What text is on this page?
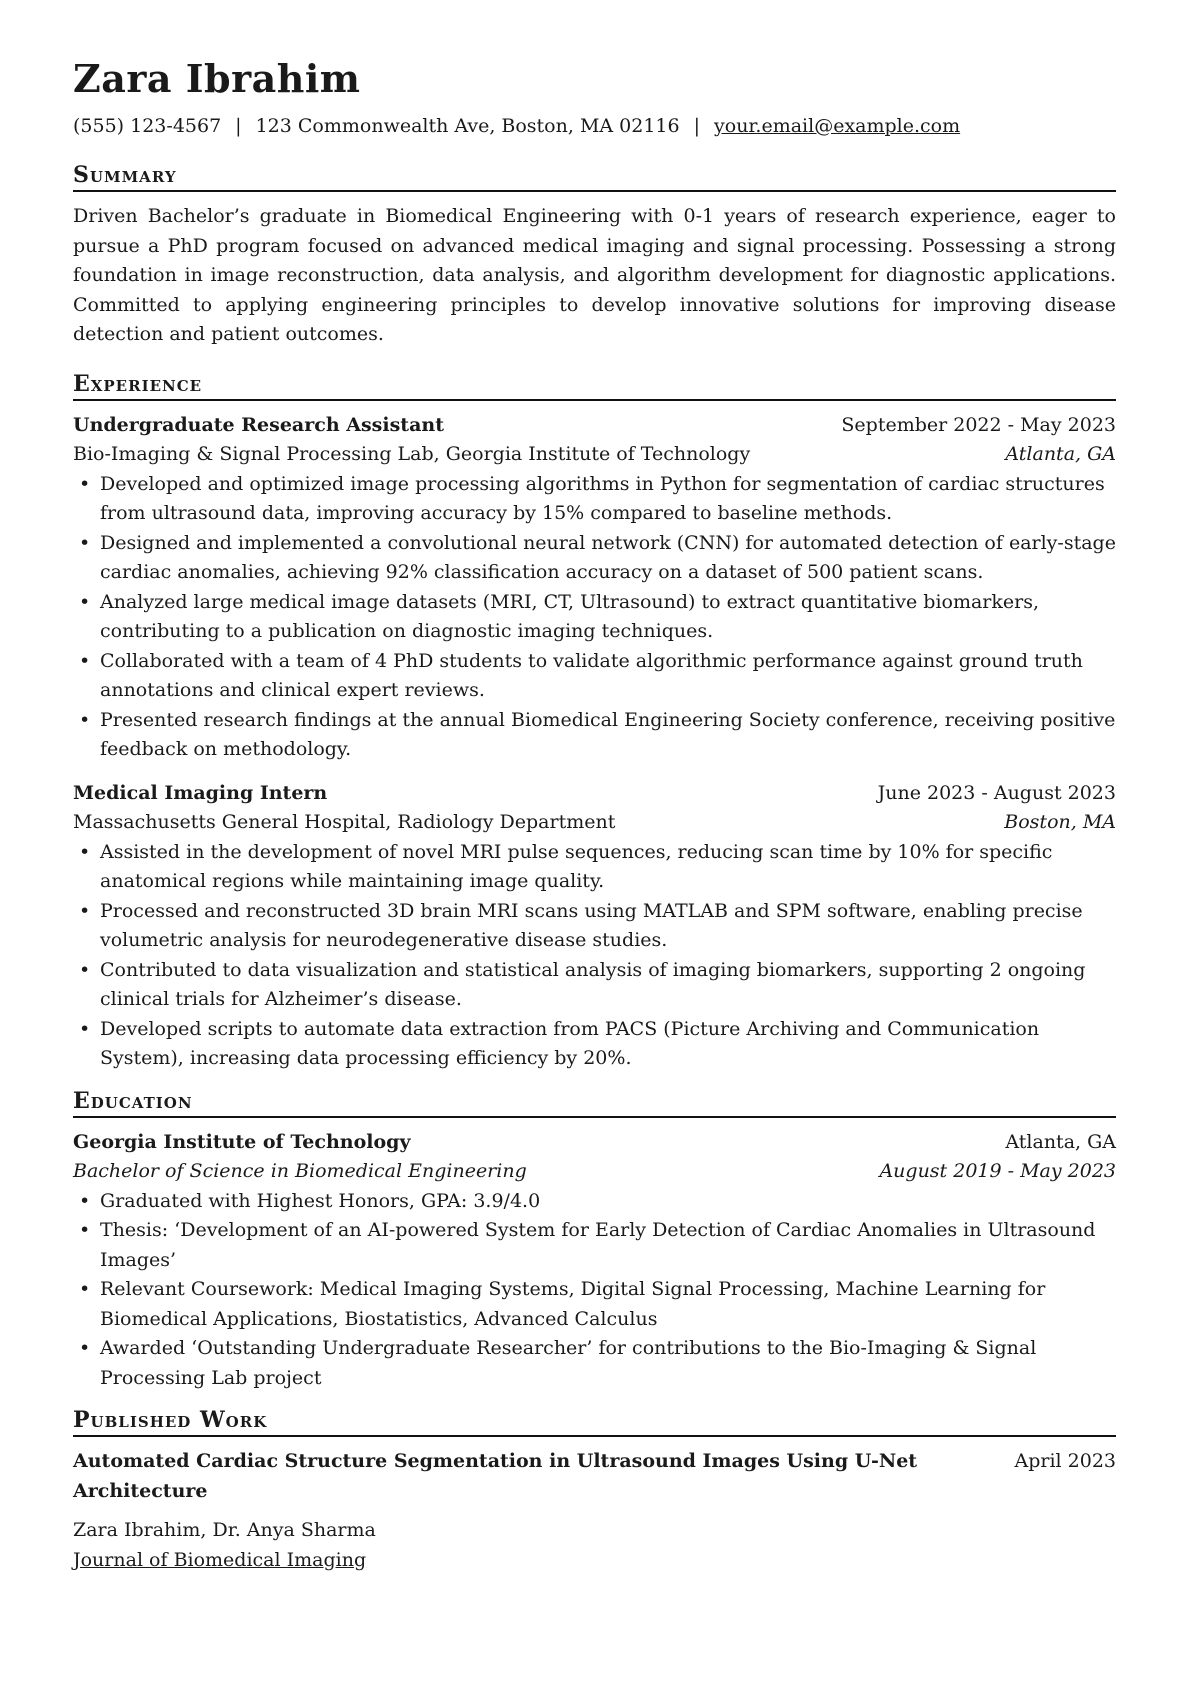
Zara Ibrahim
(555) 123-4567 | 123 Commonwealth Ave, Boston, MA 02116 | your.email@example.com
Summary
Driven Bachelor’s graduate in Biomedical Engineering with 0-1 years of research experience, eager to pursue a PhD program focused on advanced medical imaging and signal processing. Possessing a strong foundation in image reconstruction, data analysis, and algorithm development for diagnostic applications. Committed to applying engineering principles to develop innovative solutions for improving disease detection and patient outcomes.
Experience
Undergraduate Research Assistant	September 2022 - May 2023
Bio-Imaging & Signal Processing Lab, Georgia Institute of Technology	Atlanta, GA
• Developed and optimized image processing algorithms in Python for segmentation of cardiac structures from ultrasound data, improving accuracy by 15% compared to baseline methods.
• Designed and implemented a convolutional neural network (CNN) for automated detection of early-stage cardiac anomalies, achieving 92% classification accuracy on a dataset of 500 patient scans.
• Analyzed large medical image datasets (MRI, CT, Ultrasound) to extract quantitative biomarkers, contributing to a publication on diagnostic imaging techniques.
• Collaborated with a team of 4 PhD students to validate algorithmic performance against ground truth annotations and clinical expert reviews.
• Presented research findings at the annual Biomedical Engineering Society conference, receiving positive feedback on methodology.
Medical Imaging Intern	June 2023 - August 2023
Massachusetts General Hospital, Radiology Department	Boston, MA
• Assisted in the development of novel MRI pulse sequences, reducing scan time by 10% for specific anatomical regions while maintaining image quality.
• Processed and reconstructed 3D brain MRI scans using MATLAB and SPM software, enabling precise volumetric analysis for neurodegenerative disease studies.
• Contributed to data visualization and statistical analysis of imaging biomarkers, supporting 2 ongoing clinical trials for Alzheimer’s disease.
• Developed scripts to automate data extraction from PACS (Picture Archiving and Communication System), increasing data processing efficiency by 20%.
Education
Georgia Institute of Technology	Atlanta, GA
Bachelor of Science in Biomedical Engineering	August 2019 - May 2023
• Graduated with Highest Honors, GPA: 3.9/4.0
• Thesis: ‘Development of an AI-powered System for Early Detection of Cardiac Anomalies in Ultrasound Images’
• Relevant Coursework: Medical Imaging Systems, Digital Signal Processing, Machine Learning for Biomedical Applications, Biostatistics, Advanced Calculus
• Awarded ‘Outstanding Undergraduate Researcher’ for contributions to the Bio-Imaging & Signal Processing Lab project
Published Work
Automated Cardiac Structure Segmentation in Ultrasound Images Using U-Net Architecture
April 2023
Zara Ibrahim, Dr. Anya Sharma
Journal of Biomedical Imaging
